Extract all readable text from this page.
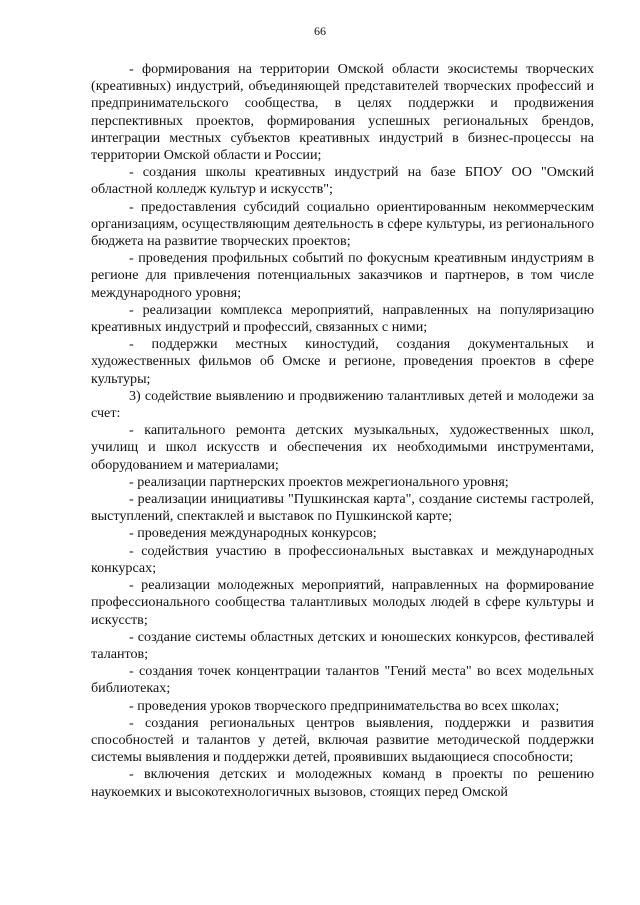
66

- формирования на территории Омской области экосистемы творческих (креативных) индустрий, объединяющей представителей творческих профессий и предпринимательского сообщества, в целях поддержки и продвижения перспективных проектов, формирования успешных региональных брендов, интеграции местных субъектов креативных индустрий в бизнес-процессы на территории Омской области и России;

- создания школы креативных индустрий на базе БПОУ ОО "Омский областной колледж культур и искусств";

- предоставления субсидий социально ориентированным некоммерческим организациям, осуществляющим деятельность в сфере культуры, из регионального бюджета на развитие творческих проектов;

- проведения профильных событий по фокусным креативным индустриям в регионе для привлечения потенциальных заказчиков и партнеров, в том числе международного уровня;

- реализации комплекса мероприятий, направленных на популяризацию креативных индустрий и профессий, связанных с ними;

- поддержки местных киностудий, создания документальных и художественных фильмов об Омске и регионе, проведения проектов в сфере культуры;

3) содействие выявлению и продвижению талантливых детей и молодежи за счет:

- капитального ремонта детских музыкальных, художественных школ, училищ и школ искусств и обеспечения их необходимыми инструментами, оборудованием и материалами;

- реализации партнерских проектов межрегионального уровня;

- реализации инициативы "Пушкинская карта", создание системы гастролей, выступлений, спектаклей и выставок по Пушкинской карте;

- проведения международных конкурсов;

- содействия участию в профессиональных выставках и международных конкурсах;

- реализации молодежных мероприятий, направленных на формирование профессионального сообщества талантливых молодых людей в сфере культуры и искусств;

- создание системы областных детских и юношеских конкурсов, фестивалей талантов;

- создания точек концентрации талантов "Гений места" во всех модельных библиотеках;

- проведения уроков творческого предпринимательства во всех школах;

- создания региональных центров выявления, поддержки и развития способностей и талантов у детей, включая развитие методической поддержки системы выявления и поддержки детей, проявивших выдающиеся способности;

- включения детских и молодежных команд в проекты по решению наукоемких и высокотехнологичных вызовов, стоящих перед Омской
